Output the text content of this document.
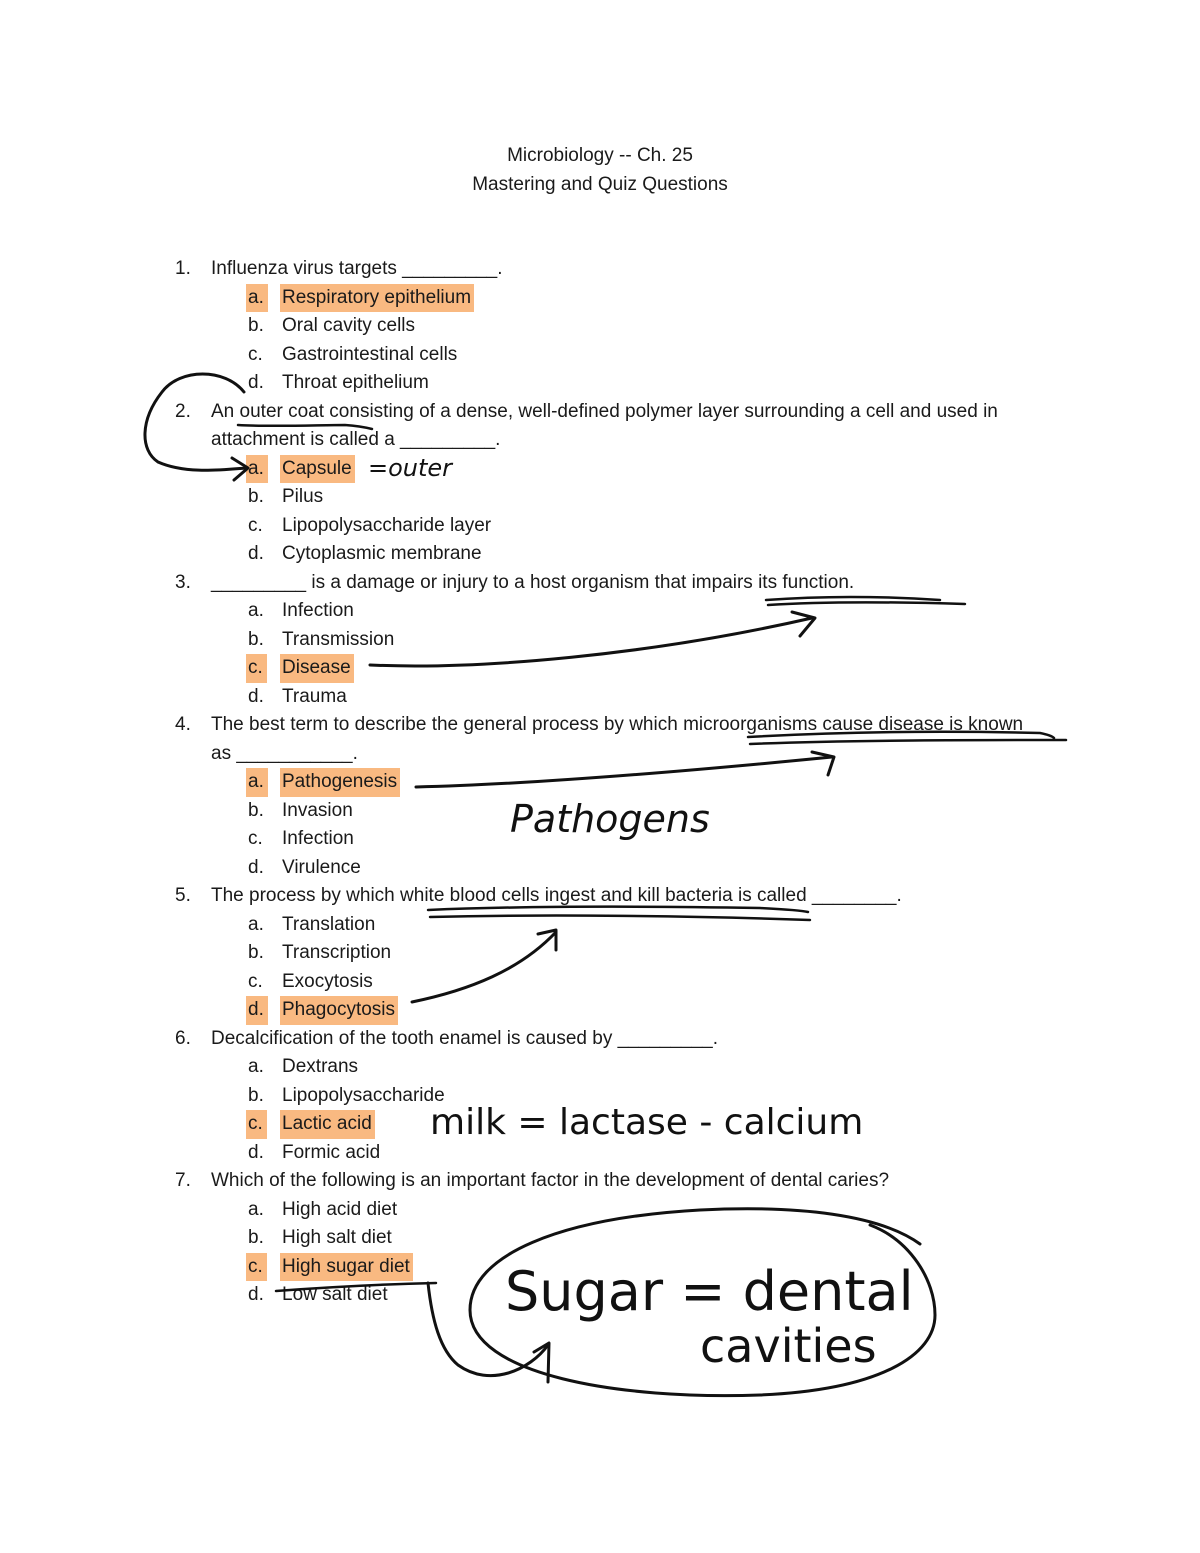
Microbiology -- Ch. 25
Mastering and Quiz Questions
1. Influenza virus targets _________.
a. Respiratory epithelium
b. Oral cavity cells
c. Gastrointestinal cells
d. Throat epithelium
2. An outer coat consisting of a dense, well-defined polymer layer surrounding a cell and used in attachment is called a _________.
a. Capsule
b. Pilus
c. Lipopolysaccharide layer
d. Cytoplasmic membrane
3. _________ is a damage or injury to a host organism that impairs its function.
a. Infection
b. Transmission
c. Disease
d. Trauma
4. The best term to describe the general process by which microorganisms cause disease is known as ___________.
a. Pathogenesis
b. Invasion
c. Infection
d. Virulence
5. The process by which white blood cells ingest and kill bacteria is called ________.
a. Translation
b. Transcription
c. Exocytosis
d. Phagocytosis
6. Decalcification of the tooth enamel is caused by _________.
a. Dextrans
b. Lipopolysaccharide
c. Lactic acid
d. Formic acid
7. Which of the following is an important factor in the development of dental caries?
a. High acid diet
b. High salt diet
c. High sugar diet
d. Low salt diet
=outer
Pathogens
milk = lactase - calcium
Sugar = dental
cavities
